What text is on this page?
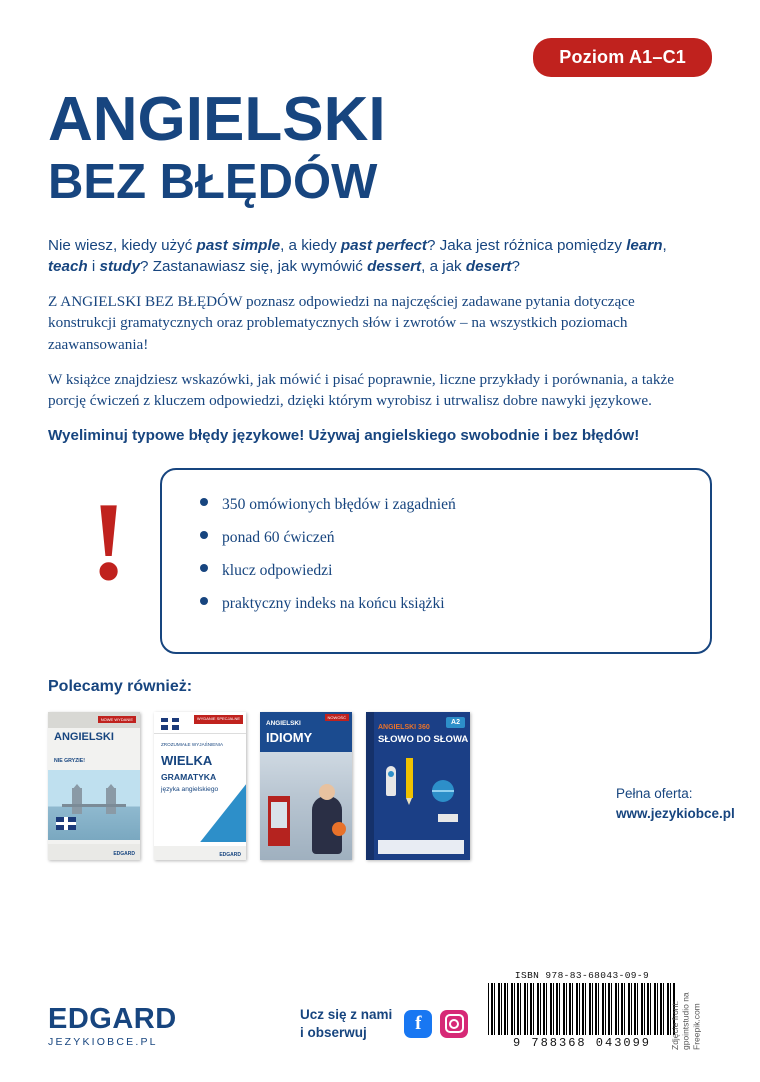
Poziom A1–C1
ANGIELSKI
BEZ BŁĘDÓW

Nie wiesz, kiedy użyć past simple, a kiedy past perfect? Jaka jest różnica pomiędzy learn, teach i study? Zastanawiasz się, jak wymówić dessert, a jak desert?

Z ANGIELSKI BEZ BŁĘDÓW poznasz odpowiedzi na najczęściej zadawane pytania dotyczące konstrukcji gramatycznych oraz problematycznych słów i zwrotów – na wszystkich poziomach zaawansowania!

W książce znajdziesz wskazówki, jak mówić i pisać poprawnie, liczne przykłady i porównania, a także porcję ćwiczeń z kluczem odpowiedzi, dzięki którym wyrobisz i utrwalisz dobre nawyki językowe.

Wyeliminuj typowe błędy językowe! Używaj angielskiego swobodnie i bez błędów!

!	350 omówionych błędów i zagadnień
ponad 60 ćwiczeń
klucz odpowiedzi
praktyczny indeks na końcu książki
Polecamy również:
NOWE WYDANIE
ANGIELSKI
NIE GRYZIE!
EDGARD
WYDANIE SPECJALNE
ZROZUMIAŁE WYJAŚNIENIA
WIELKA
GRAMATYKA
języka angielskiego
EDGARD
ANGIELSKI
IDIOMY
NOWOŚĆ
A2
ANGIELSKI 360
SŁOWO DO SŁOWA
Pełna oferta:
www.jezykiobce.pl
EDGARD
JEZYKIOBCE.PL
Ucz się z nami
i obserwuj	f
ISBN 978-83-68043-09-9
9 788368 043099	Zdjęcie front: gpointstudio na Freepik.com
